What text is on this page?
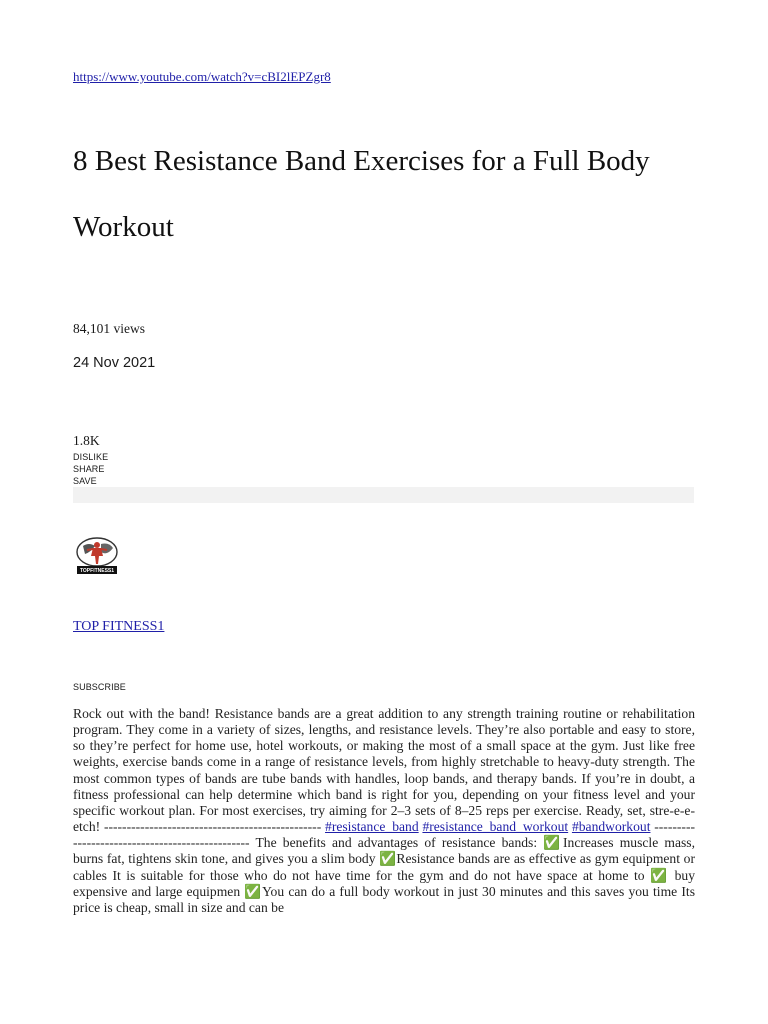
https://www.youtube.com/watch?v=cBI2lEPZgr8
8 Best Resistance Band Exercises for a Full Body Workout
84,101 views
24 Nov 2021
1.8K
DISLIKE
SHARE
SAVE
TOPFITNESS1
TOP FITNESS1
SUBSCRIBE

Rock out with the band! Resistance bands are a great addition to any strength training routine or rehabilitation program. They come in a variety of sizes, lengths, and resistance levels. They’re also portable and easy to store, so they’re perfect for home use, hotel workouts, or making the most of a small space at the gym. Just like free weights, exercise bands come in a range of resistance levels, from highly stretchable to heavy-duty strength. The most common types of bands are tube bands with handles, loop bands, and therapy bands. If you’re in doubt, a fitness professional can help determine which band is right for you, depending on your fitness level and your specific workout plan. For most exercises, try aiming for 2–3 sets of 8–25 reps per exercise. Ready, set, stre-e-e-etch! ------------------------------------------------ #resistance_band #resistance_band_workout #bandworkout ------------------------------------------------ The benefits and advantages of resistance bands: ✅Increases muscle mass, burns fat, tightens skin tone, and gives you a slim body ✅Resistance bands are as effective as gym equipment or cables It is suitable for those who do not have time for the gym and do not have space at home to ✅ buy expensive and large equipmen ✅You can do a full body workout in just 30 minutes and this saves you time Its price is cheap, small in size and can be
